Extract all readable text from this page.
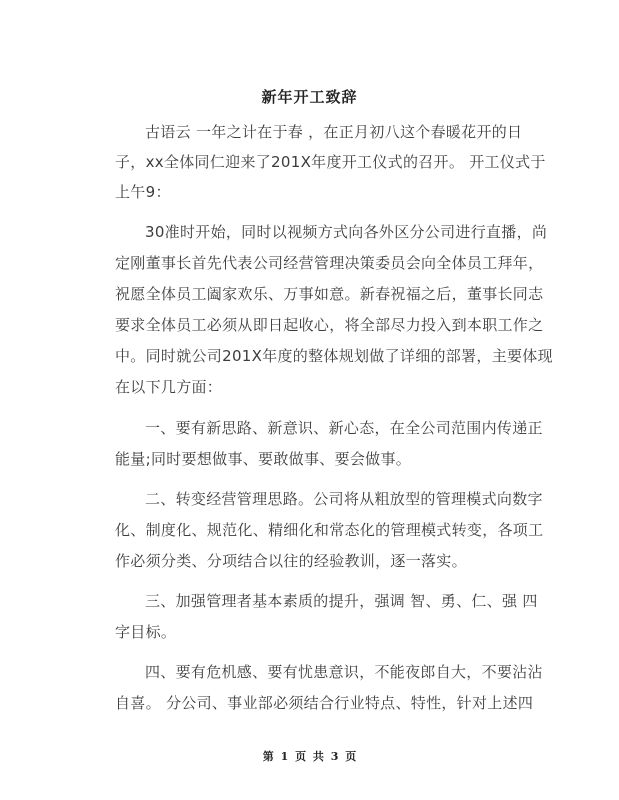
新年开工致辞
古语云 一年之计在于春 ，在正月初八这个春暖花开的日
子，xx全体同仁迎来了201X年度开工仪式的召开。 开工仪式于
上午9：
30准时开始，同时以视频方式向各外区分公司进行直播，尚
定刚董事长首先代表公司经营管理决策委员会向全体员工拜年，
祝愿全体员工阖家欢乐、万事如意。新春祝福之后，董事长同志
要求全体员工必须从即日起收心，将全部尽力投入到本职工作之
中。同时就公司201X年度的整体规划做了详细的部署，主要体现
在以下几方面：
一、要有新思路、新意识、新心态，在全公司范围内传递正
能量;同时要想做事、要敢做事、要会做事。
二、转变经营管理思路。公司将从粗放型的管理模式向数字
化、制度化、规范化、精细化和常态化的管理模式转变，各项工
作必须分类、分项结合以往的经验教训，逐一落实。
三、加强管理者基本素质的提升，强调 智、勇、仁、强 四
字目标。
四、要有危机感、要有忧患意识，不能夜郎自大，不要沾沾
自喜。 分公司、事业部必须结合行业特点、特性，针对上述四
第 1 页 共 3 页
